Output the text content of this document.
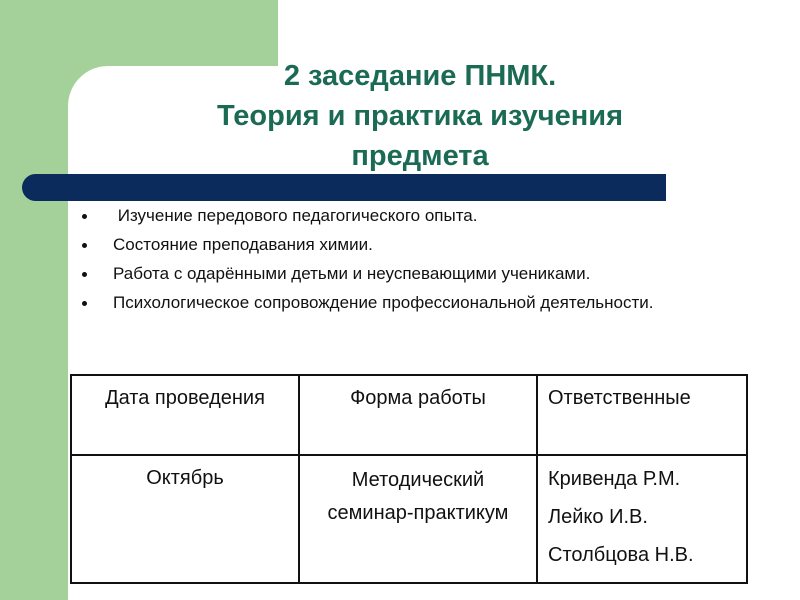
2 заседание ПНМК.
Теория и практика изучения
предмета
Изучение передового педагогического опыта.
Состояние преподавания химии.
Работа с одарёнными детьми и неуспевающими учениками.
Психологическое сопровождение профессиональной деятельности.
Дата проведения	Форма работы	Ответственные
Октябрь	Методический семинар-практикум	Кривенда Р.М.
Лейко И.В.
Столбцова Н.В.
